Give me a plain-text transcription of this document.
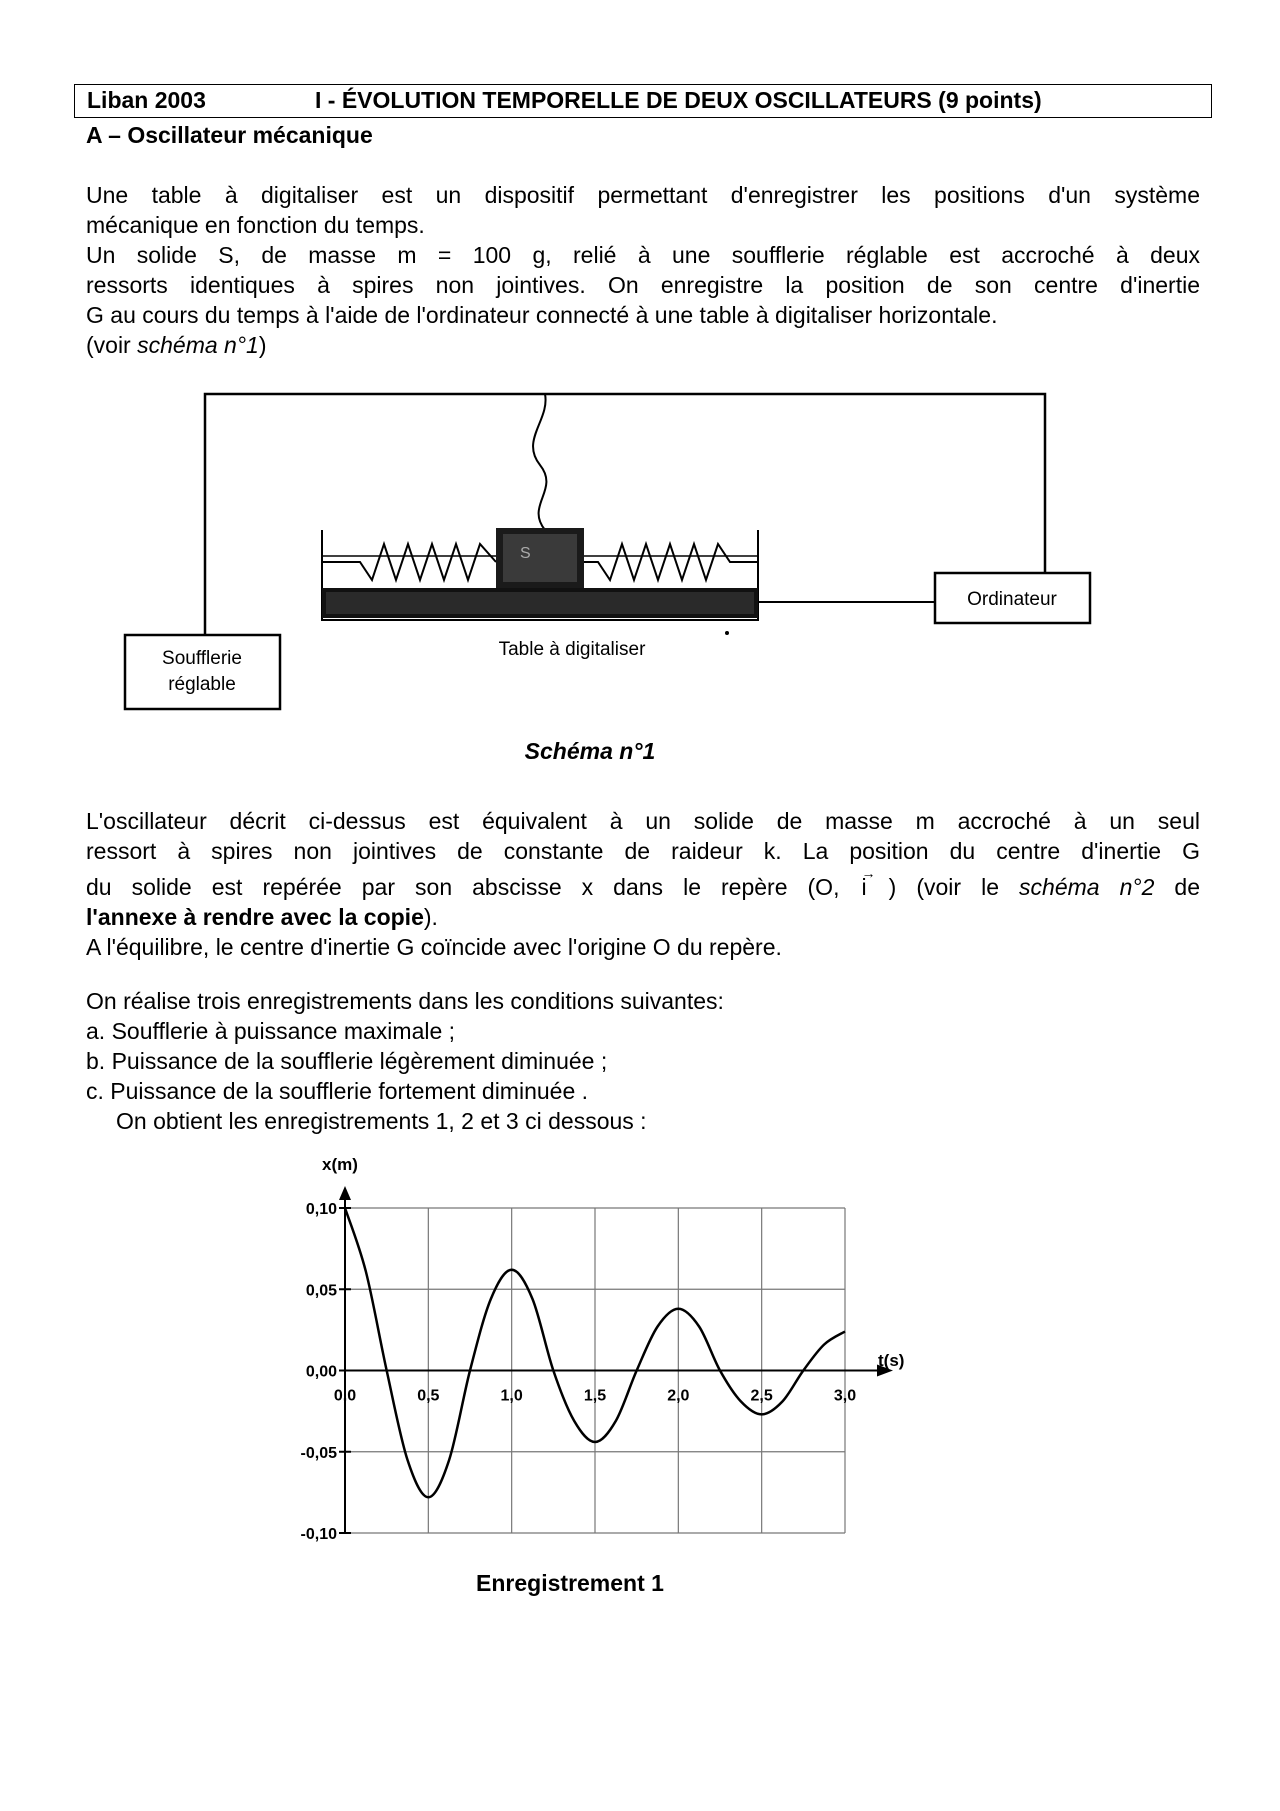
Liban 2003	I - ÉVOLUTION TEMPORELLE DE DEUX OSCILLATEURS (9 points)
A – Oscillateur mécanique
Une table à digitaliser est un dispositif permettant d'enregistrer les positions d'un système
mécanique en fonction du temps.
Un solide S, de masse m = 100 g, relié à une soufflerie réglable est accroché à deux
ressorts identiques à spires non jointives. On enregistre la position de son centre d'inertie
G au cours du temps à l'aide de l'ordinateur connecté à une table à digitaliser horizontale.
(voir schéma n°1)
S
Ordinateur
Soufflerie
réglable
Table à digitaliser
Schéma n°1
L'oscillateur décrit ci-dessus est équivalent à un solide de masse m accroché à un seul
ressort à spires non jointives de constante de raideur k. La position du centre d'inertie G
du solide est repérée par son abscisse x dans le repère (O, → i ) (voir le schéma n°2 de
l'annexe à rendre avec la copie).
A l'équilibre, le centre d'inertie G coïncide avec l'origine O du repère.
On réalise trois enregistrements dans les conditions suivantes:
a. Soufflerie à puissance maximale ;
b. Puissance de la soufflerie légèrement diminuée ;
c. Puissance de la soufflerie fortement diminuée .
On obtient les enregistrements 1, 2 et 3 ci dessous :
0,10
0,05
0,00
-0,05
-0,10
0,0	0,5	1,0	1,5	2,0	2,5	3,0
x(m)
t(s)
Enregistrement 1
